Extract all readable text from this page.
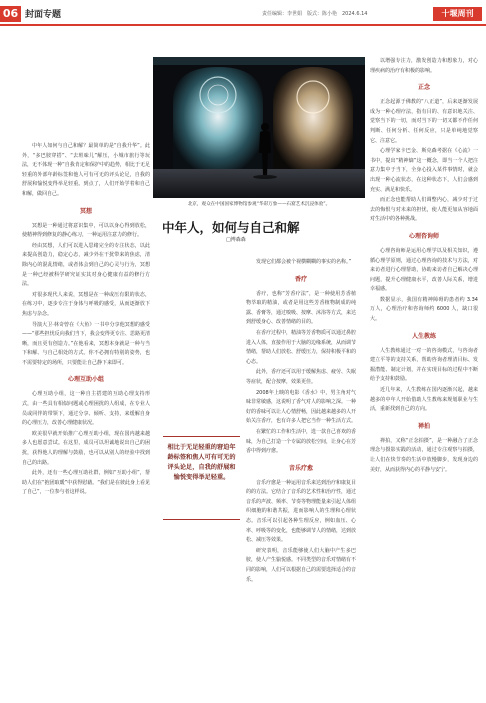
06 封面专题	责任编辑：李世娟　版式：陈小艳　2024.6.14	十堰周刊

中年人如何与自己和解？最简单的是“自我升华”。此外，“多巴胺穿搭”、“去班味儿”解压，小城市旅行等玩法，无不体现一种“自我肯定和保护中的趋势，相比于无足轻重的外部年龄标签和他人可有可无的评头论足，自我的舒展和愉悦变得举足轻重。到点了，人们开始学着和自己和解，做回自己。

冥想

冥想是一种通过将意识集中，可以以身心得到放松，使精神得到修复的静心练习，一种运用注意力的修行。

经由冥想，人们可以进入思绪完全的专注状态，以此来提高创造力，稳定心态，减少外在干扰带来的焦虑，清除内心的混乱情绪，或者体会到自己的心灵与行为，冥想是一种已经被科学研究证实其对身心健康有益的修行方法。

对很多现代人来说，冥想是在一种或压有限的状态，在练习中，逐步专注于身体与呼吸的感受，从而逐渐放下焦虑与杂念。

导演大卫·林奇曾在《大鱼》一书中分享他冥想的感受——“那些担忧反向我们当下，我会变得更专注、思路更清晰，而且更有创造力。”在他看来，冥想本身就是一种与当下和解、与自己相处的方式。你不必拥有特别的姿势，也不需要特定的场所，只要能让自己静下来即可。

心理互助小组

心理互助小组，这一种自主搭建的互助心理支持形式，由一些具有相似问题或心理困扰的人组成，在专业人员或同伴的带领下，通过分享、倾听、支持，来缓解自身的心理压力，改善心理健康状况。

欧美很早就开始推广心理互助小组，现在国内越来越多人也愿意尝试。在这里，成员可以坦诚地说出自己的困扰，获得他人的理解与鼓励，也可以从别人的经验中找到自己的出路。

此外，还有一些心理互助社群，例如“互助小组”，帮助人们在“抱团取暖”中获得慰藉。“我们是在彼此身上看见了自己”，一位参与者这样说。

北京，观众在中国国家博物馆参观“华彩万象——石窟艺术沉浸体验”。
中年人，如何与自己和解
□博森森

发现它们都会被个视横糊糊的事实的名称。”

香疗

香疗，也称“芳香疗法”，是一种使用芳香植物萃取的精油，或者是用这些芳香植物制成的纯露、香膏等，通过嗅吸、按摩、沐浴等方式，来达到舒缓身心、改善情绪的目的。

在香疗过程中，精油等芳香物质可以通过鼻腔进入人体，直接作用于大脑的边缘系统，从而调节情绪，帮助人们放松、舒缓压力，保持积极平和的心态。

此外，香疗还可以用于缓解焦虑、疲劳、失眠等症状，配合按摩，效果更佳。

2008年上映的电影《香水》中，男主角对气味非常敏感，这说明了香气对人的影响之深。一种好的香味可以让人心情舒畅，因此越来越多的人开始关注香疗，也有许多人把它当作一种生活方式。

在繁忙的工作和生活中，选一款自己喜欢的香味，为自己打造一个专属的放松空间，让身心在芳香中得到疗愈。

音乐疗愈

音乐疗愈是一种运用音乐来达到治疗和康复目的的方法。它结合了音乐的艺术性和治疗性，通过音乐的声波、频率、节奏等物理能量来引起人体组织细胞的和谐共振，进而影响人的生理和心理状态。音乐可以引起各种生理反应，例如血压、心率、呼吸等的变化，也能够调节人的情绪，达到放松、减压等效果。

研究表明，音乐能够使人们大脑中产生多巴胺，使人产生愉悦感。不同类型的音乐对情绪有不同的影响，人们可以根据自己的需要选择适合的音乐。

相比于无足轻重的窘迫年龄标签和焦人可有可无的评头论足，自我的舒展和愉悦变得举足轻重。

以增强专注力，激发创造力和想象力，对心理疾病的治疗有积极的影响。

正念

正念起源于佛教的“八正道”，后来逐渐发展成为一种心理疗法，指有目的、有意识地关注、觉察当下的一切，而对当下的一切又都不作任何判断、任何分析、任何反应，只是单纯地觉察它、注意它。

心理学家卡巴金、斯克森考据在《心流》一书中，提出“精神熵”这一概念，即当一个人把注意力集中于当下，全身心投入某件事情时，就会出现一种心流状态，在这种状态下，人们会感到充实、满足和快乐。

而正念也能帮助人们调整内心，减少对于过去的悔恨与对未来的担忧，使人能更加从容地面对生活中的各种挑战。

心理咨询师

心理咨询师是运用心理学以及相关知识，遵循心理学原则，通过心理咨询的技术与方法，对来访者进行心理帮助，协助来访者自己解决心理问题，提升心理健康水平，改善人际关系，增进幸福感。

数据显示，我国有精神障碍的患者约 3.34 万人，心理治疗和咨询师约 6000 人，缺口很大。

人生教练

人生教练通过一对一的咨询模式，与咨询者建立平等的支持关系，帮助咨询者理清目标、发掘潜能、制定计划，并在实现目标的过程中不断给予支持和鼓励。

近几年来，人生教练在国内逐渐兴起，越来越多的中年人开始借助人生教练来规划职业与生活，重新找到自己的方向。

禅拍

禅拍，又称“正念拍摄”，是一种融合了正念理念与摄影实践的活动，通过专注观察与拍摄，让人们在快节奏的生活中放慢脚步，发现身边的美好，从而获得内心的平静与安宁。
